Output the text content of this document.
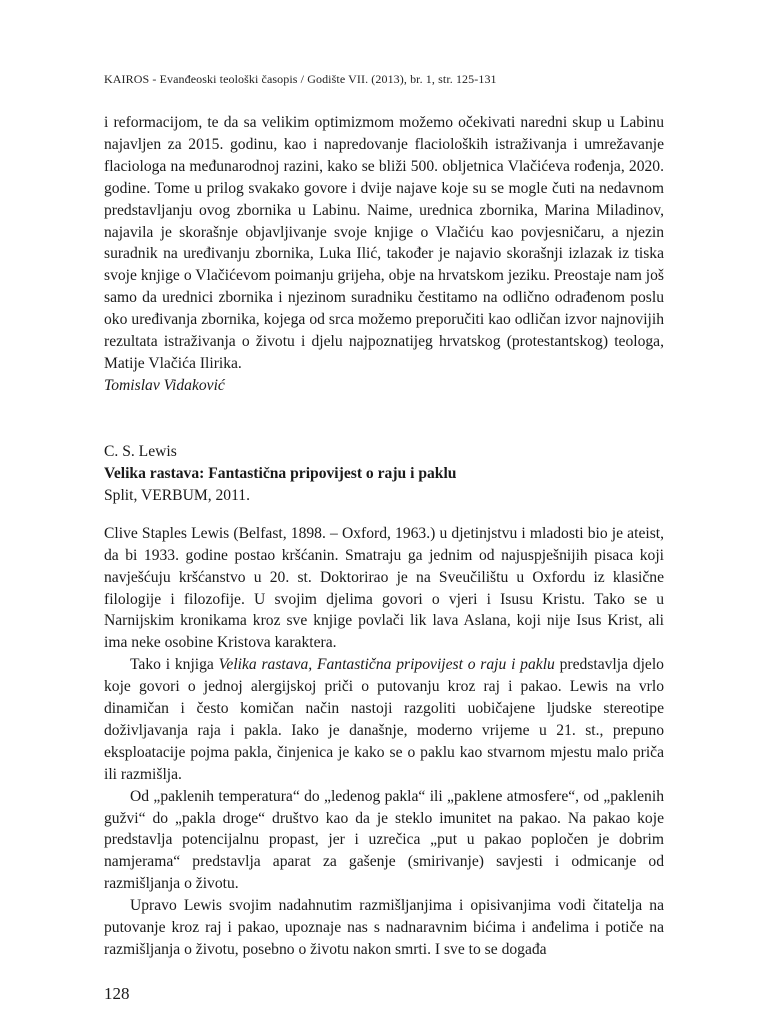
KAIROS - Evanđeoski teološki časopis / Godište VII. (2013), br. 1, str. 125-131

i reformacijom, te da sa velikim optimizmom možemo očekivati naredni skup u Labinu najavljen za 2015. godinu, kao i napredovanje flacioloških istraživanja i umrežavanje flaciologa na međunarodnoj razini, kako se bliži 500. obljetnica Vlačićeva rođenja, 2020. godine. Tome u prilog svakako govore i dvije najave koje su se mogle čuti na nedavnom predstavljanju ovog zbornika u Labinu. Naime, urednica zbornika, Marina Miladinov, najavila je skorašnje objavljivanje svoje knjige o Vlačiću kao povjesničaru, a njezin suradnik na uređivanju zbornika, Luka Ilić, također je najavio skorašnji izlazak iz tiska svoje knjige o Vlačićevom poimanju grijeha, obje na hrvatskom jeziku. Preostaje nam još samo da urednici zbornika i njezinom suradniku čestitamo na odlično odrađenom poslu oko uređivanja zbornika, kojega od srca možemo preporučiti kao odličan izvor najnovijih rezultata istraživanja o životu i djelu najpoznatijeg hrvatskog (protestantskog) teologa, Matije Vlačića Ilirika.

Tomislav Vidaković

C. S. Lewis
Velika rastava: Fantastična pripovijest o raju i paklu
Split, VERBUM, 2011.

Clive Staples Lewis (Belfast, 1898. – Oxford, 1963.) u djetinjstvu i mladosti bio je ateist, da bi 1933. godine postao kršćanin. Smatraju ga jednim od najuspješnijih pisaca koji navješćuju kršćanstvo u 20. st. Doktorirao je na Sveučilištu u Oxfordu iz klasične filologije i filozofije. U svojim djelima govori o vjeri i Isusu Kristu. Tako se u Narnijskim kronikama kroz sve knjige povlači lik lava Aslana, koji nije Isus Krist, ali ima neke osobine Kristova karaktera.

Tako i knjiga Velika rastava, Fantastična pripovijest o raju i paklu predstavlja djelo koje govori o jednoj alergijskoj priči o putovanju kroz raj i pakao. Lewis na vrlo dinamičan i često komičan način nastoji razgoliti uobičajene ljudske stereotipe doživljavanja raja i pakla. Iako je današnje, moderno vrijeme u 21. st., prepuno eksploatacije pojma pakla, činjenica je kako se o paklu kao stvarnom mjestu malo priča ili razmišlja.

Od „paklenih temperatura“ do „ledenog pakla“ ili „paklene atmosfere“, od „paklenih gužvi“ do „pakla droge“ društvo kao da je steklo imunitet na pakao. Na pakao koje predstavlja potencijalnu propast, jer i uzrečica „put u pakao popločen je dobrim namjerama“ predstavlja aparat za gašenje (smirivanje) savjesti i odmicanje od razmišljanja o životu.

Upravo Lewis svojim nadahnutim razmišljanjima i opisivanjima vodi čitatelja na putovanje kroz raj i pakao, upoznaje nas s nadnaravnim bićima i anđelima i potiče na razmišljanja o životu, posebno o životu nakon smrti. I sve to se događa

128
